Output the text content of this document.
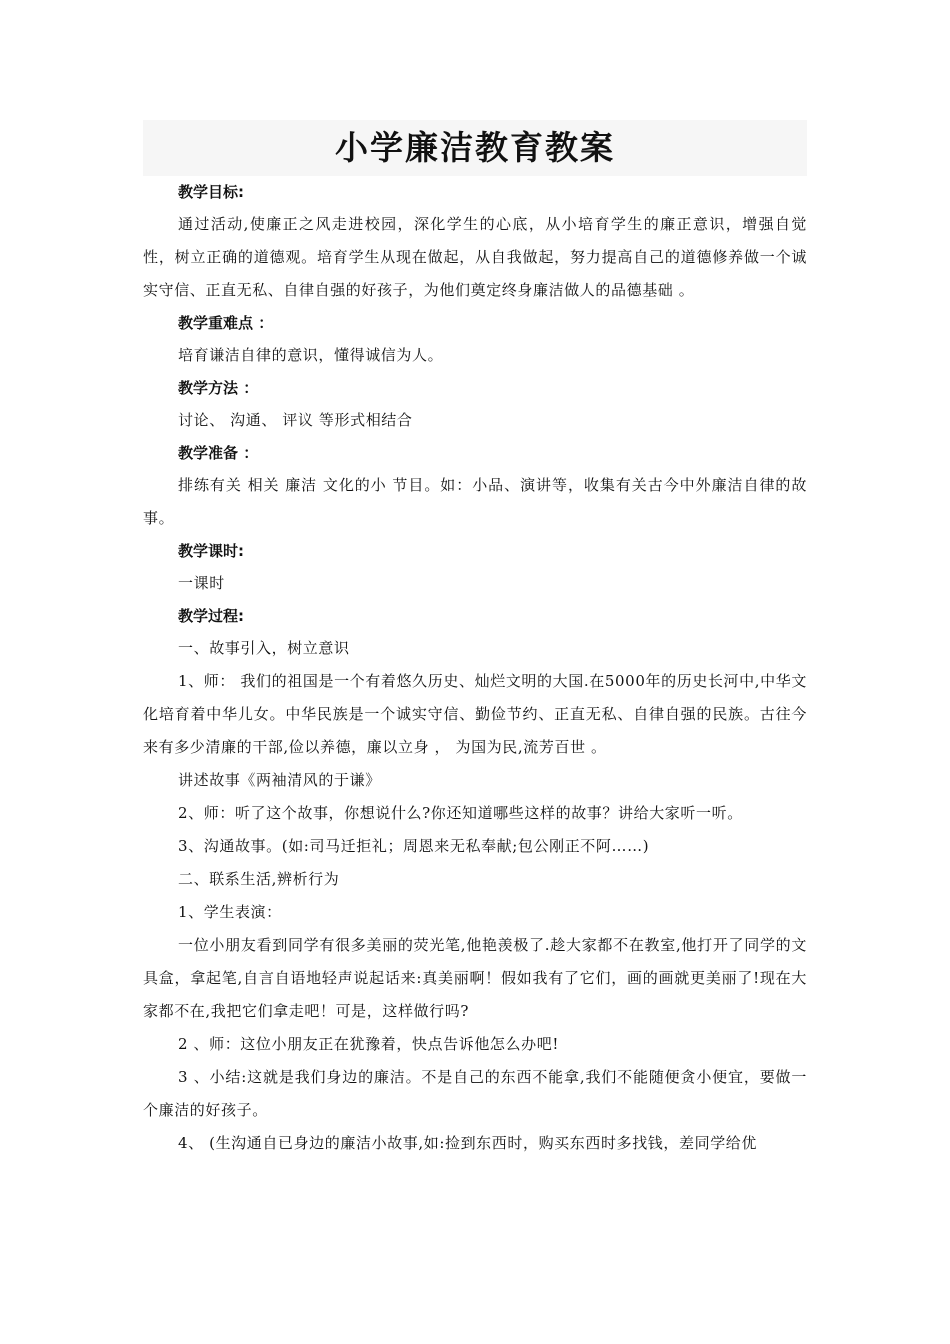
小学廉洁教育教案

教学目标:

通过活动,使廉正之风走进校园，深化学生的心底，从小培育学生的廉正意识，增强自觉性，树立正确的道德观。培育学生从现在做起，从自我做起，努力提高自己的道德修养做一个诚实守信、正直无私、自律自强的好孩子，为他们奠定终身廉洁做人的品德基础 。

教学重难点 ：

培育谦洁自律的意识，懂得诚信为人。

教学方法 ：

讨论、 沟通、 评议 等形式相结合

教学准备 ：

排练有关 相关 廉洁 文化的小 节目。如：小品、演讲等，收集有关古今中外廉洁自律的故事。

教学课时:

一课时

教学过程:

一、故事引入，树立意识

1、师： 我们的祖国是一个有着悠久历史、灿烂文明的大国.在5000年的历史长河中,中华文化培育着中华儿女。中华民族是一个诚实守信、勤俭节约、正直无私、自律自强的民族。古往今来有多少清廉的干部,俭以养德，廉以立身 ， 为国为民,流芳百世 。

讲述故事《两袖清风的于谦》

2、师：听了这个故事，你想说什么?你还知道哪些这样的故事？讲给大家听一听。

3、沟通故事。(如:司马迁拒礼；周恩来无私奉献;包公刚正不阿……)

二、联系生活,辨析行为

1、学生表演：

一位小朋友看到同学有很多美丽的荧光笔,他艳羡极了.趁大家都不在教室,他打开了同学的文具盒，拿起笔,自言自语地轻声说起话来:真美丽啊！假如我有了它们，画的画就更美丽了!现在大家都不在,我把它们拿走吧！可是，这样做行吗?

2 、师：这位小朋友正在犹豫着，快点告诉他怎么办吧!

3 、小结:这就是我们身边的廉洁。不是自己的东西不能拿,我们不能随便贪小便宜，要做一个廉洁的好孩子。

4、 (生沟通自已身边的廉洁小故事,如:捡到东西时，购买东西时多找钱，差同学给优
